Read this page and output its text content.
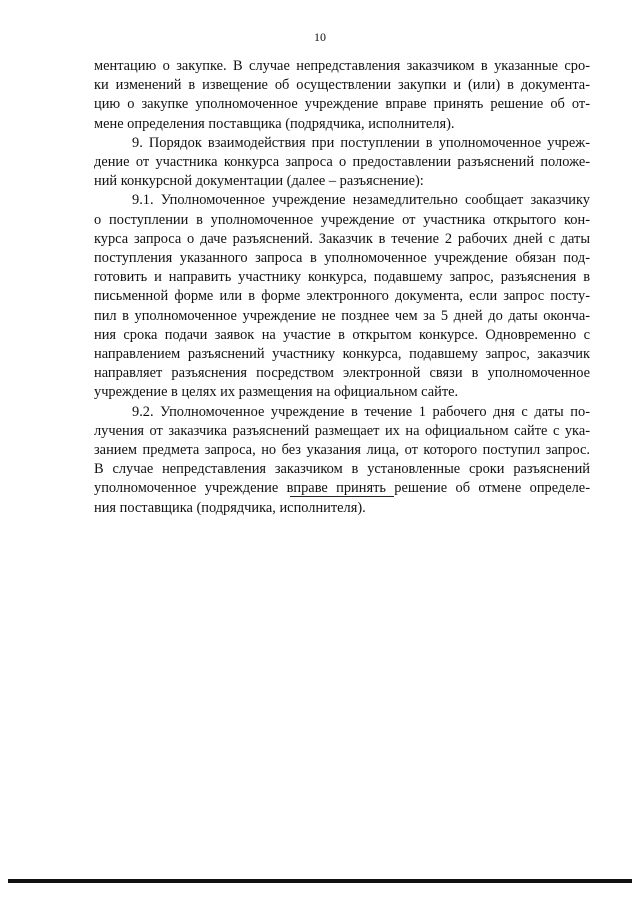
10

ментацию о закупке. В случае непредставления заказчиком в указанные сро-
ки изменений в извещение об осуществлении закупки и (или) в документа-
цию о закупке уполномоченное учреждение вправе принять решение об от-
мене определения поставщика (подрядчика, исполнителя).

9. Порядок взаимодействия при поступлении в уполномоченное учреж-
дение от участника конкурса запроса о предоставлении разъяснений положе-
ний конкурсной документации (далее – разъяснение):

9.1. Уполномоченное учреждение незамедлительно сообщает заказчику
о поступлении в уполномоченное учреждение от участника открытого кон-
курса запроса о даче разъяснений. Заказчик в течение 2 рабочих дней с даты
поступления указанного запроса в уполномоченное учреждение обязан под-
готовить и направить участнику конкурса, подавшему запрос, разъяснения в
письменной форме или в форме электронного документа, если запрос посту-
пил в уполномоченное учреждение не позднее чем за 5 дней до даты оконча-
ния срока подачи заявок на участие в открытом конкурсе. Одновременно с
направлением разъяснений участнику конкурса, подавшему запрос, заказчик
направляет разъяснения посредством электронной связи в уполномоченное
учреждение в целях их размещения на официальном сайте.

9.2. Уполномоченное учреждение в течение 1 рабочего дня с даты по-
лучения от заказчика разъяснений размещает их на официальном сайте с ука-
занием предмета запроса, но без указания лица, от которого поступил запрос.
В случае непредставления заказчиком в установленные сроки разъяснений
уполномоченное учреждение вправе принять решение об отмене определе-
ния поставщика (подрядчика, исполнителя).
